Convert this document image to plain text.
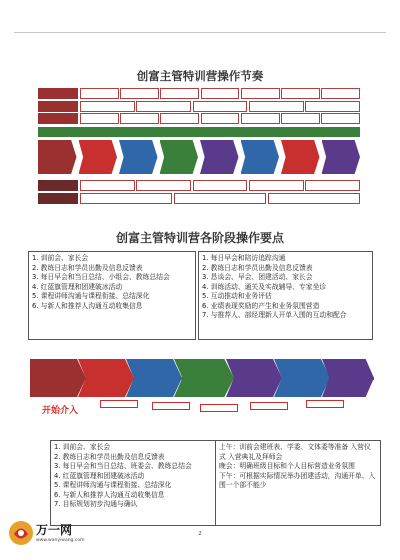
创富主管特训营操作节奏
创富主管特训营各阶段操作要点
1. 训前会、家长会
2. 教练日志和学员出勤及信息反馈表
3. 每日早会和当日总结、小组会、教练总结会
4. 红蓝旗管理和团建破冰活动
5. 课程讲师沟通与课程衔接、总结深化
6. 与新人和推荐人沟通互动收集信息
1. 每日早会和陪访追踪沟通
2. 教练日志和学员出勤及信息反馈表
3. 恳谈会、早会、团建活动、家长会
4. 训练活动、通关及实战辅导、专家坐诊
5. 互动推动和业务评估
6. 业绩表现奖励的产生和业务氛围营造
7. 与推荐人、部经理新人开单入围的互动和配合
开始介入
1. 训前会、家长会
2. 教练日志和学员出勤及信息反馈表
3. 每日早会和当日总结、班委会、教练总结会
4. 红蓝旗管理和团建破冰活动
5. 课程讲师沟通与课程衔接、总结深化
6. 与新人和推荐人沟通互动收集信息
7. 目标规划初步沟通与确认
上午：训前会建班表、学委、文体委等准备 入营仪式 入营典礼及拜师会
晚会：明确班级目标和个人目标营造业务氛围
下午：可根据实际情况举办团建活动，沟通开单、入围一个部不能少
2
万一网
www.wanyiwang.com
